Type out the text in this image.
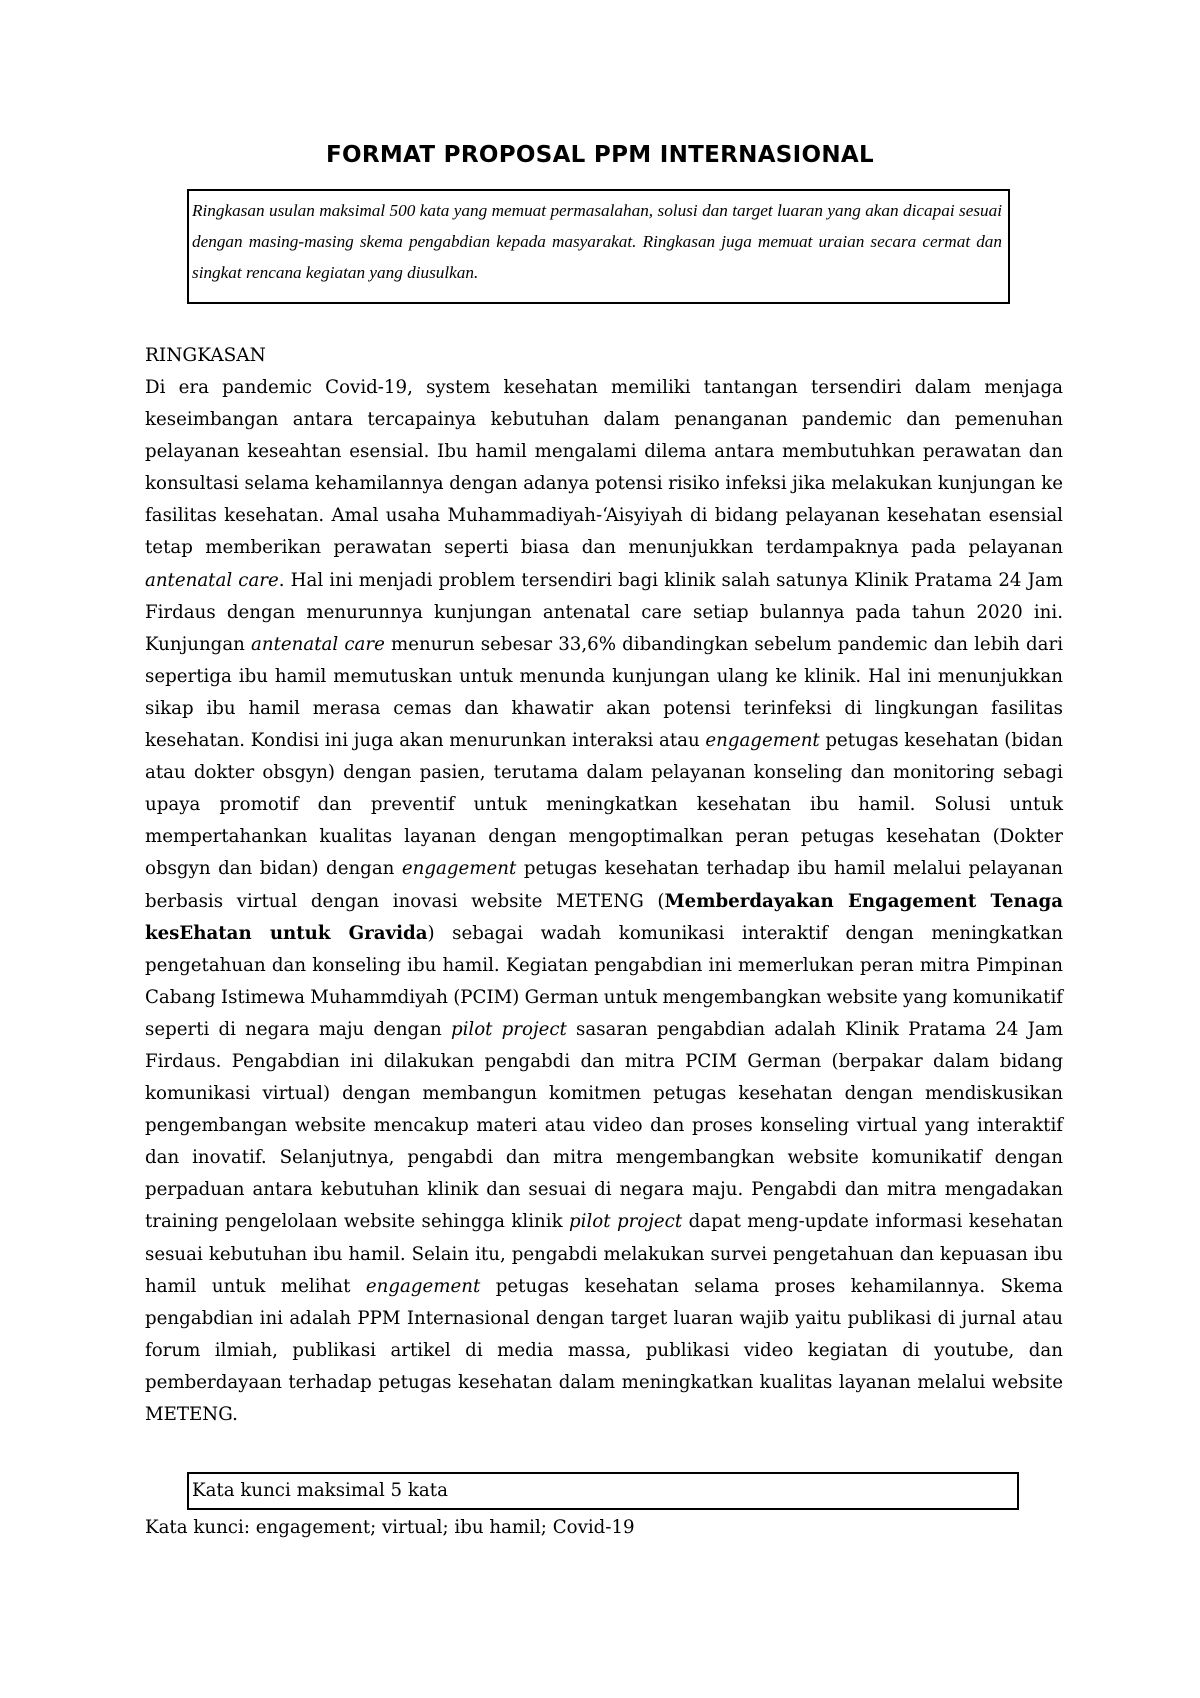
FORMAT PROPOSAL PPM INTERNASIONAL
Ringkasan usulan maksimal 500 kata yang memuat permasalahan, solusi dan target luaran yang akan dicapai sesuai dengan masing-masing skema pengabdian kepada masyarakat. Ringkasan juga memuat uraian secara cermat dan singkat rencana kegiatan yang diusulkan.
RINGKASAN
Di era pandemic Covid-19, system kesehatan memiliki tantangan tersendiri dalam menjaga keseimbangan antara tercapainya kebutuhan dalam penanganan pandemic dan pemenuhan pelayanan keseahtan esensial. Ibu hamil mengalami dilema antara membutuhkan perawatan dan konsultasi selama kehamilannya dengan adanya potensi risiko infeksi jika melakukan kunjungan ke fasilitas kesehatan. Amal usaha Muhammadiyah-‘Aisyiyah di bidang pelayanan kesehatan esensial tetap memberikan perawatan seperti biasa dan menunjukkan terdampaknya pada pelayanan antenatal care. Hal ini menjadi problem tersendiri bagi klinik salah satunya Klinik Pratama 24 Jam Firdaus dengan menurunnya kunjungan antenatal care setiap bulannya pada tahun 2020 ini. Kunjungan antenatal care menurun sebesar 33,6% dibandingkan sebelum pandemic dan lebih dari sepertiga ibu hamil memutuskan untuk menunda kunjungan ulang ke klinik. Hal ini menunjukkan sikap ibu hamil merasa cemas dan khawatir akan potensi terinfeksi di lingkungan fasilitas kesehatan. Kondisi ini juga akan menurunkan interaksi atau engagement petugas kesehatan (bidan atau dokter obsgyn) dengan pasien, terutama dalam pelayanan konseling dan monitoring sebagi upaya promotif dan preventif untuk meningkatkan kesehatan ibu hamil. Solusi untuk mempertahankan kualitas layanan dengan mengoptimalkan peran petugas kesehatan (Dokter obsgyn dan bidan) dengan engagement petugas kesehatan terhadap ibu hamil melalui pelayanan berbasis virtual dengan inovasi website METENG (Memberdayakan Engagement Tenaga kesEhatan untuk Gravida) sebagai wadah komunikasi interaktif dengan meningkatkan pengetahuan dan konseling ibu hamil. Kegiatan pengabdian ini memerlukan peran mitra Pimpinan Cabang Istimewa Muhammdiyah (PCIM) German untuk mengembangkan website yang komunikatif seperti di negara maju dengan pilot project sasaran pengabdian adalah Klinik Pratama 24 Jam Firdaus. Pengabdian ini dilakukan pengabdi dan mitra PCIM German (berpakar dalam bidang komunikasi virtual) dengan membangun komitmen petugas kesehatan dengan mendiskusikan pengembangan website mencakup materi atau video dan proses konseling virtual yang interaktif dan inovatif. Selanjutnya, pengabdi dan mitra mengembangkan website komunikatif dengan perpaduan antara kebutuhan klinik dan sesuai di negara maju. Pengabdi dan mitra mengadakan training pengelolaan website sehingga klinik pilot project dapat meng-update informasi kesehatan sesuai kebutuhan ibu hamil. Selain itu, pengabdi melakukan survei pengetahuan dan kepuasan ibu hamil untuk melihat engagement petugas kesehatan selama proses kehamilannya. Skema pengabdian ini adalah PPM Internasional dengan target luaran wajib yaitu publikasi di jurnal atau forum ilmiah, publikasi artikel di media massa, publikasi video kegiatan di youtube, dan pemberdayaan terhadap petugas kesehatan dalam meningkatkan kualitas layanan melalui website METENG.
Kata kunci maksimal 5 kata
Kata kunci: engagement; virtual; ibu hamil; Covid-19
